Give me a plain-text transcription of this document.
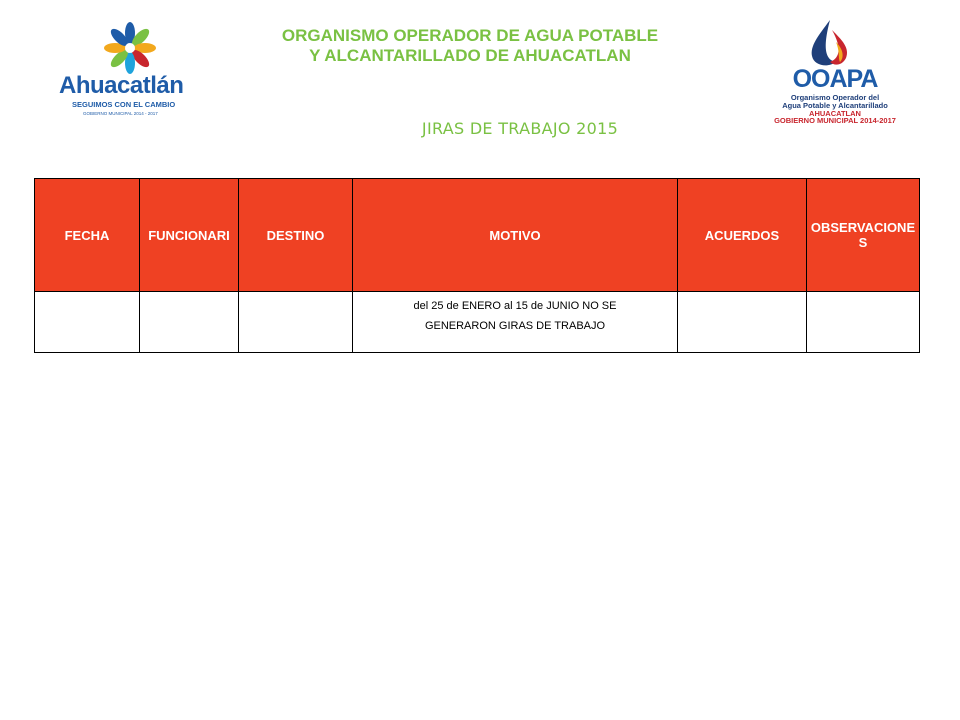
Ahuacatlán
SEGUIMOS CON EL CAMBIO
GOBIERNO MUNICIPAL 2014 - 2017
ORGANISMO OPERADOR DE AGUA POTABLE
Y ALCANTARILLADO DE AHUACATLAN
JIRAS DE TRABAJO 2015
OOAPA
Organismo Operador del
Agua Potable y Alcantarillado
AHUACATLAN
GOBIERNO MUNICIPAL 2014-2017
FECHA	FUNCIONARI	DESTINO	MOTIVO	ACUERDOS	OBSERVACIONES

			del 25 de ENERO al 15 de JUNIO NO SE
GENERARON GIRAS DE TRABAJO		
